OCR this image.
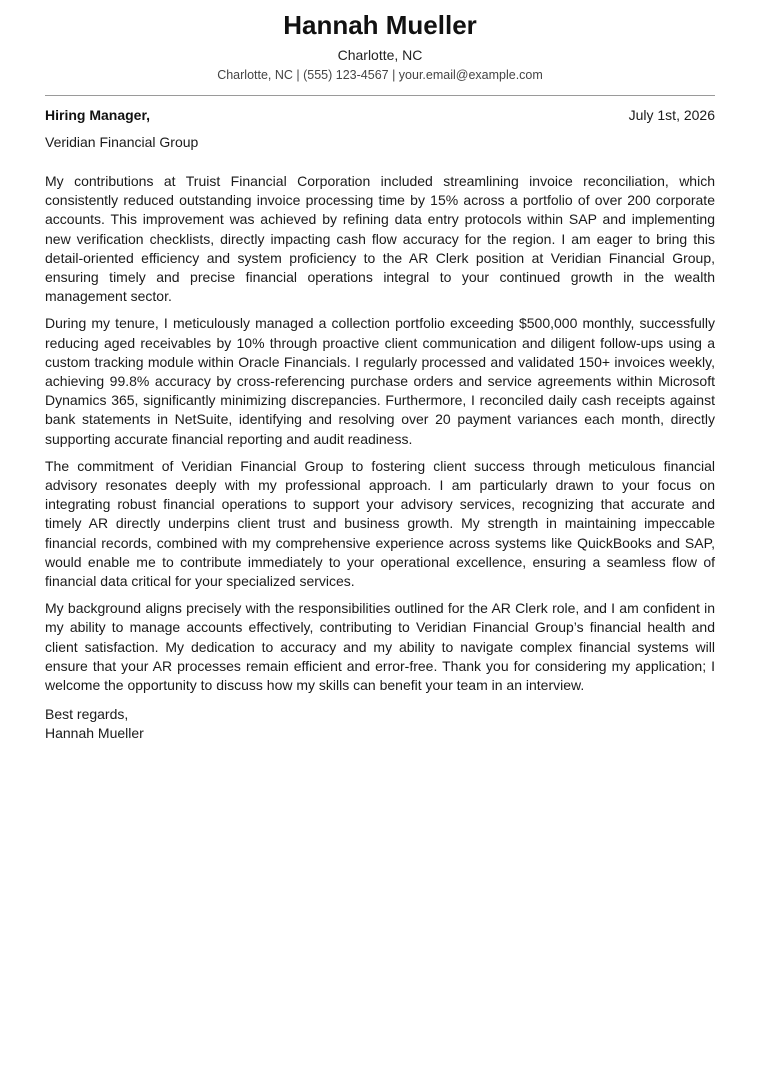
Hannah Mueller
Charlotte, NC
Charlotte, NC | (555) 123-4567 | your.email@example.com
Hiring Manager,	July 1st, 2026
Veridian Financial Group

My contributions at Truist Financial Corporation included streamlining invoice reconciliation, which consistently reduced outstanding invoice processing time by 15% across a portfolio of over 200 corporate accounts. This improvement was achieved by refining data entry protocols within SAP and implementing new verification checklists, directly impacting cash flow accuracy for the region. I am eager to bring this detail-oriented efficiency and system proficiency to the AR Clerk position at Veridian Financial Group, ensuring timely and precise financial operations integral to your continued growth in the wealth management sector.

During my tenure, I meticulously managed a collection portfolio exceeding $500,000 monthly, successfully reducing aged receivables by 10% through proactive client communication and diligent follow-ups using a custom tracking module within Oracle Financials. I regularly processed and validated 150+ invoices weekly, achieving 99.8% accuracy by cross-referencing purchase orders and service agreements within Microsoft Dynamics 365, significantly minimizing discrepancies. Furthermore, I reconciled daily cash receipts against bank statements in NetSuite, identifying and resolving over 20 payment variances each month, directly supporting accurate financial reporting and audit readiness.

The commitment of Veridian Financial Group to fostering client success through meticulous financial advisory resonates deeply with my professional approach. I am particularly drawn to your focus on integrating robust financial operations to support your advisory services, recognizing that accurate and timely AR directly underpins client trust and business growth. My strength in maintaining impeccable financial records, combined with my comprehensive experience across systems like QuickBooks and SAP, would enable me to contribute immediately to your operational excellence, ensuring a seamless flow of financial data critical for your specialized services.

My background aligns precisely with the responsibilities outlined for the AR Clerk role, and I am confident in my ability to manage accounts effectively, contributing to Veridian Financial Group’s financial health and client satisfaction. My dedication to accuracy and my ability to navigate complex financial systems will ensure that your AR processes remain efficient and error-free. Thank you for considering my application; I welcome the opportunity to discuss how my skills can benefit your team in an interview.

Best regards,
Hannah Mueller
